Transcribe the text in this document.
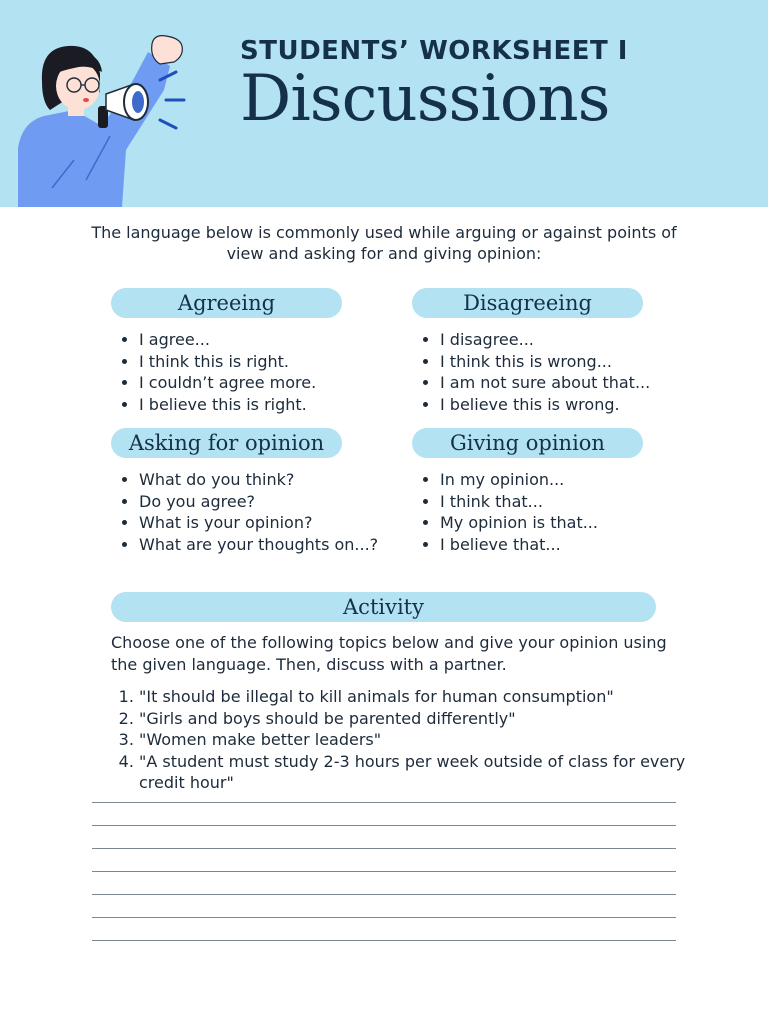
STUDENTS’ WORKSHEET I
Discussions
The language below is commonly used while arguing or against points of view and asking for and giving opinion:
Agreeing
• I agree...
• I think this is right.
• I couldn’t agree more.
• I believe this is right.
Disagreeing
• I disagree...
• I think this is wrong...
• I am not sure about that...
• I believe this is wrong.
Asking for opinion
• What do you think?
• Do you agree?
• What is your opinion?
• What are your thoughts on...?
Giving opinion
• In my opinion...
• I think that...
• My opinion is that...
• I believe that...
Activity
Choose one of the following topics below and give your opinion using the given language. Then, discuss with a partner.
1. "It should be illegal to kill animals for human consumption"
2. "Girls and boys should be parented differently"
3. "Women make better leaders"
4. "A student must study 2-3 hours per week outside of class for every credit hour"
